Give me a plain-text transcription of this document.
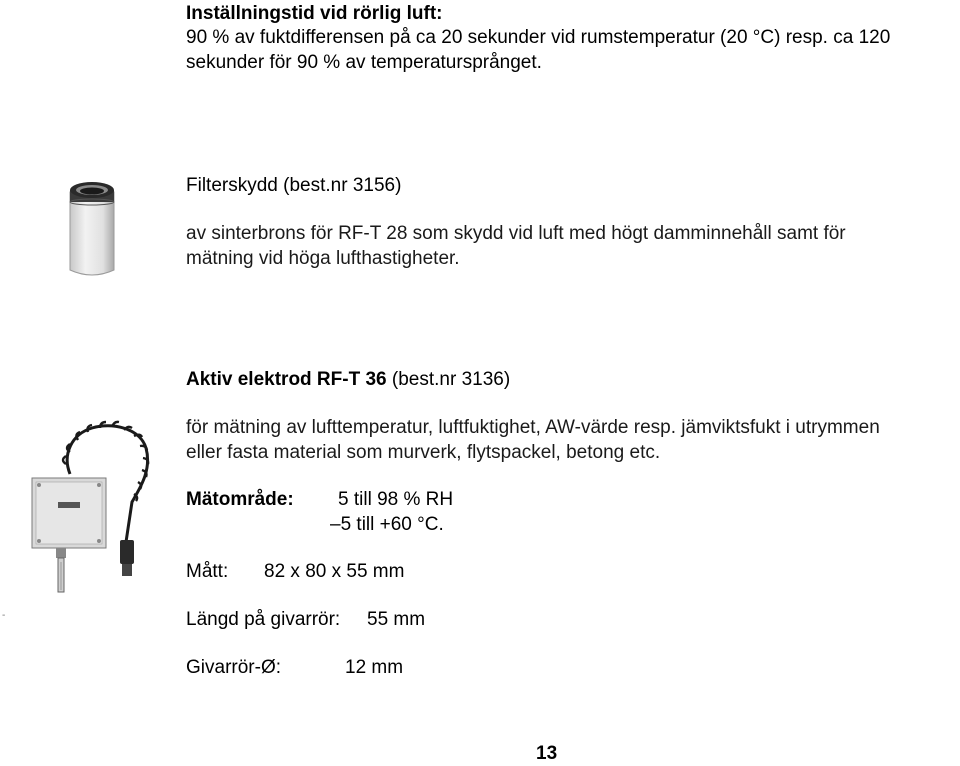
Inställningstid vid rörlig luft:
90 % av fuktdifferensen på ca 20 sekunder vid rumstemperatur (20 °C) resp. ca 120
sekunder för 90 % av temperatursprånget.
Filterskydd (best.nr 3156)
av sinterbrons för RF-T 28 som skydd vid luft med högt damminnehåll samt för
mätning vid höga lufthastigheter.
-
Aktiv elektrod RF-T 36 (best.nr 3136)
för mätning av lufttemperatur, luftfuktighet, AW-värde resp. jämviktsfukt i utrymmen
eller fasta material som murverk, flytspackel, betong etc.
Mätområde: 5 till 98 % RH
–5 till +60 °C.
Mått: 82 x 80 x 55 mm
Längd på givarrör: 55 mm
Givarrör-Ø:	12 mm
13
